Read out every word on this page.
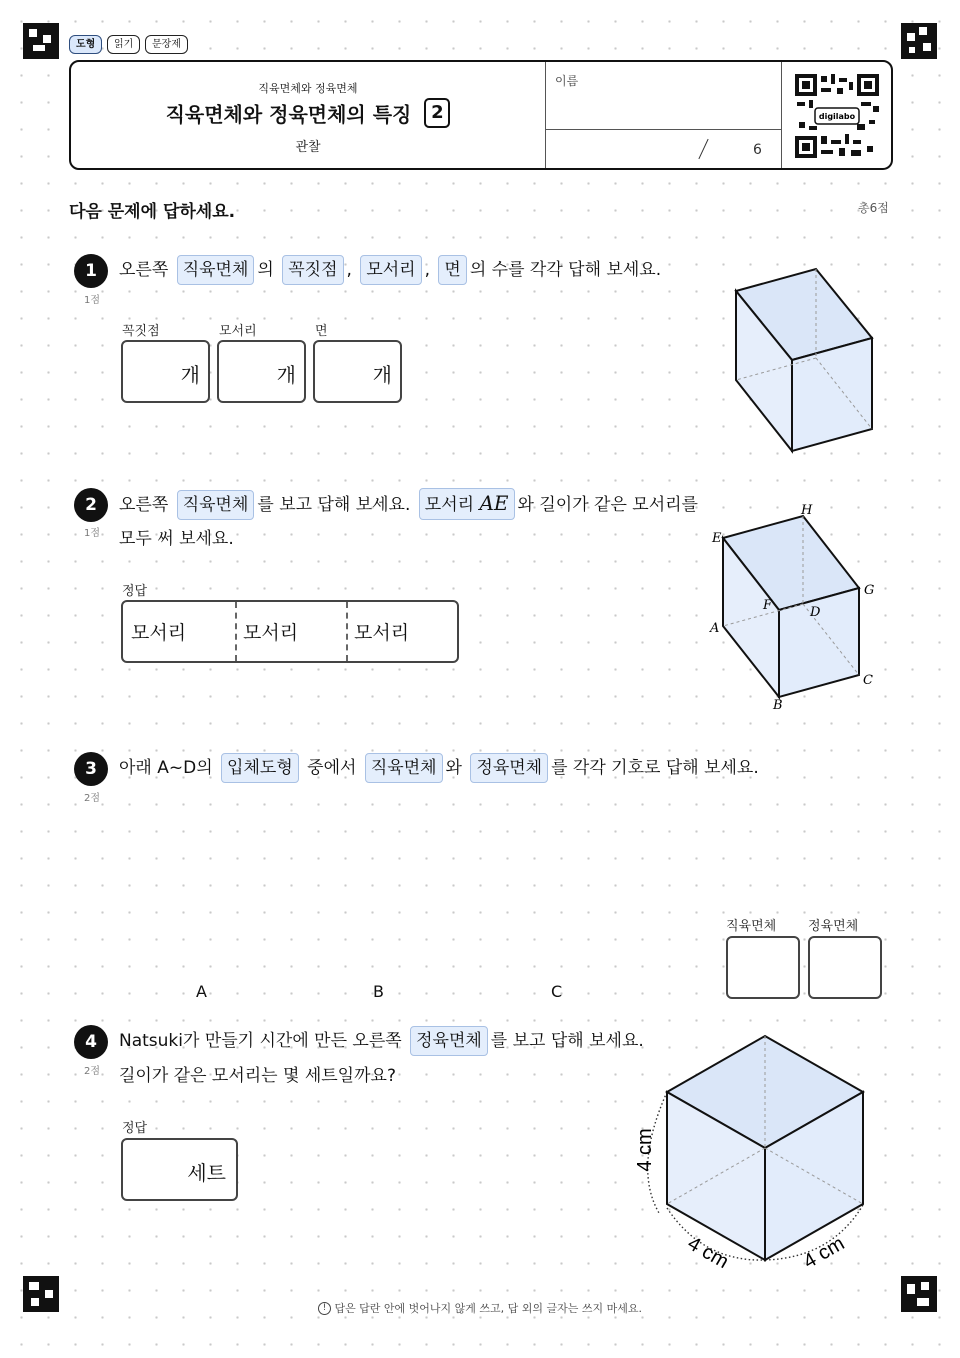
도형	읽기	문장제
직육면체와 정육면체
직육면체와 정육면체의 특징 2
관찰
이름
6
digilabo
다음 문제에 답하세요.	총6점
1
1점
오른쪽 직육면체 의 꼭짓점 , 모서리 , 면 의 수를 각각 답해 보세요.
꼭짓점	모서리	면
개	개	개
2
1점
오른쪽 직육면체 를 보고 답해 보세요. 모서리 AE 와 길이가 같은 모서리를
모두 써 보세요.
정답
모서리	모서리	모서리
H
E
G
F	D
A
C
B
3
2점
아래 A~D의 입체도형 중에서 직육면체 와 정육면체 를 각각 기호로 답해 보세요.
A	B	C
직육면체 정육면체
4
2점
Natsuki가 만들기 시간에 만든 오른쪽 정육면체 를 보고 답해 보세요.
길이가 같은 모서리는 몇 세트일까요?
정답
세트
4 cm
4 cm	4 cm
! 답은 답란 안에 벗어나지 않게 쓰고, 답 외의 글자는 쓰지 마세요.
